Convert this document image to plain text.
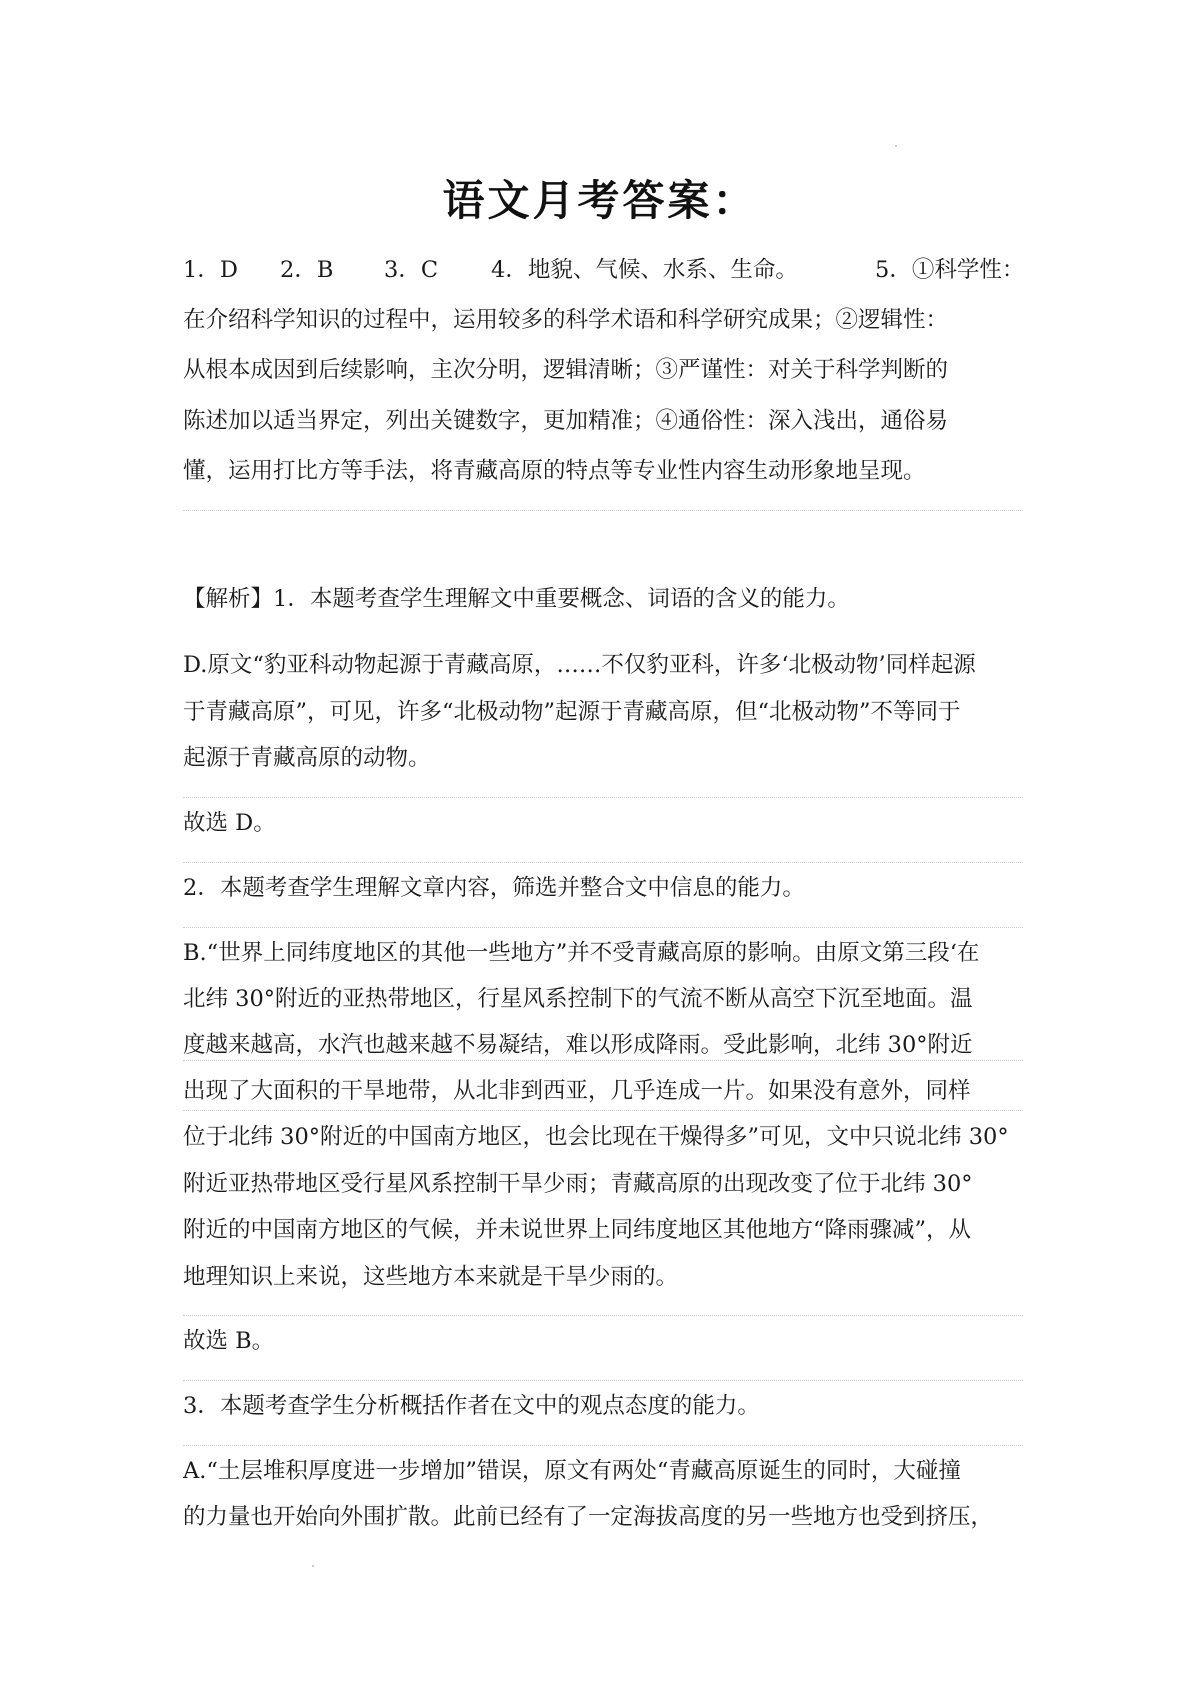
语文月考答案：
1．D 2．B 3．C 4．地貌、气候、水系、生命。	5．①科学性：
在介绍科学知识的过程中，运用较多的科学术语和科学研究成果；②逻辑性：
从根本成因到后续影响，主次分明，逻辑清晰；③严谨性：对关于科学判断的
陈述加以适当界定，列出关键数字，更加精准；④通俗性：深入浅出，通俗易
懂，运用打比方等手法，将青藏高原的特点等专业性内容生动形象地呈现。
【解析】1．本题考查学生理解文中重要概念、词语的含义的能力。
D.原文“豹亚科动物起源于青藏高原，……不仅豹亚科，许多‘北极动物’同样起源
于青藏高原”，可见，许多“北极动物”起源于青藏高原，但“北极动物”不等同于
起源于青藏高原的动物。
故选 D。
2．本题考查学生理解文章内容，筛选并整合文中信息的能力。
B.“世界上同纬度地区的其他一些地方”并不受青藏高原的影响。由原文第三段‘在
北纬 30°附近的亚热带地区，行星风系控制下的气流不断从高空下沉至地面。温
度越来越高，水汽也越来越不易凝结，难以形成降雨。受此影响，北纬 30°附近
出现了大面积的干旱地带，从北非到西亚，几乎连成一片。如果没有意外，同样
位于北纬 30°附近的中国南方地区，也会比现在干燥得多”可见，文中只说北纬 30°
附近亚热带地区受行星风系控制干旱少雨；青藏高原的出现改变了位于北纬 30°
附近的中国南方地区的气候，并未说世界上同纬度地区其他地方“降雨骤减”，从
地理知识上来说，这些地方本来就是干旱少雨的。
故选 B。
3．本题考查学生分析概括作者在文中的观点态度的能力。
A.“土层堆积厚度进一步增加”错误，原文有两处“青藏高原诞生的同时，大碰撞
的力量也开始向外围扩散。此前已经有了一定海拔高度的另一些地方也受到挤压，
